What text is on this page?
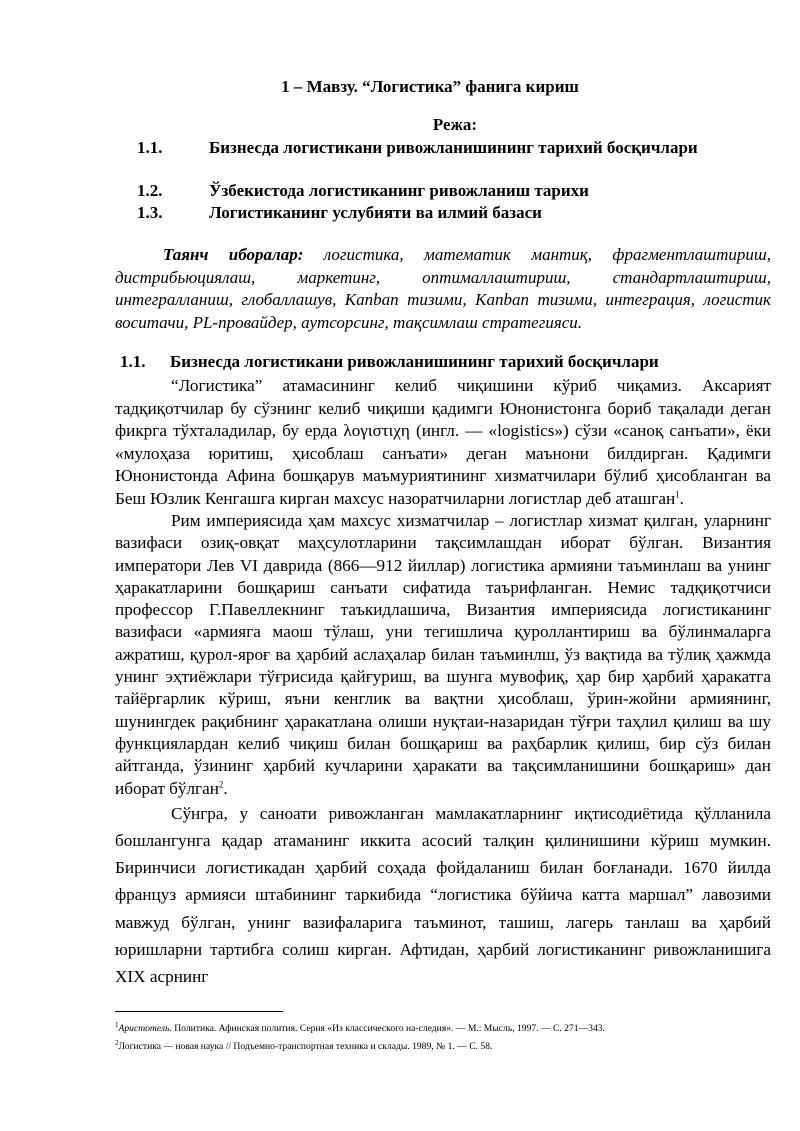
1 – Мавзу. “Логистика” фанига кириш
Режа:
1.1.	Бизнесда логистикани ривожланишининг тарихий босқичлари
1.2.	Ўзбекистода логистиканинг ривожланиш тарихи
1.3.	Логистиканинг услубияти ва илмий базаси
Таянч иборалар: логистика, математик мантиқ, фрагментлаштириш, дистрибьюциялаш, маркетинг, оптималлаштириш, стандартлаштириш, интегралланиш, глобаллашув, Kanban тизими, Kanban тизими, интеграция, логистик воситачи, PL-провайдер, аутсорсинг, тақсимлаш стратегияси.
1.1. Бизнесда логистикани ривожланишининг тарихий босқичлари

“Логистика” атамасининг келиб чиқишини кўриб чиқамиз. Аксарият тадқиқотчилар бу сўзнинг келиб чиқиши қадимги Юнонистонга бориб тақалади деган фикрга тўхталадилар, бу ерда λογιστιχη (ингл. — «logistics») сўзи «саноқ санъати», ёки «мулоҳаза юритиш, ҳисоблаш санъати» деган маънони билдирган. Қадимги Юнонистонда Афина бошқарув маъмуриятининг хизматчилари бўлиб ҳисобланган ва Беш Юзлик Кенгашга кирган махсус назоратчиларни логистлар деб аташган$^1$.

Рим империясида ҳам махсус хизматчилар – логистлар хизмат қилган, уларнинг вазифаси озиқ-овқат маҳсулотларини тақсимлашдан иборат бўлган. Византия императори Лев VI даврида (866—912 йиллар) логистика армияни таъминлаш ва унинг ҳаракатларини бошқариш санъати сифатида таърифланган. Немис тадқиқотчиси профессор Г.Павеллекнинг таъкидлашича, Византия империясида логистиканинг вазифаси «армияга маош тўлаш, уни тегишлича қуроллантириш ва бўлинмаларга ажратиш, қурол-яроғ ва ҳарбий аслаҳалар билан таъминлш, ўз вақтида ва тўлиқ ҳажмда унинг эҳтиёжлари тўғрисида қайғуриш, ва шунга мувофиқ, ҳар бир ҳарбий ҳаракатга тайёргарлик кўриш, яъни кенглик ва вақтни ҳисоблаш, ўрин-жойни армиянинг, шунингдек рақибнинг ҳаракатлана олиши нуқтаи-назаридан тўғри таҳлил қилиш ва шу функциялардан келиб чиқиш билан бошқариш ва раҳбарлик қилиш, бир сўз билан айтганда, ўзининг ҳарбий кучларини ҳаракати ва тақсимланишини бошқариш» дан иборат бўлган$^2$.

Сўнгра, у саноати ривожланган мамлакатларнинг иқтисодиётида қўлланила бошлангунга қадар атаманинг иккита асосий талқин қилинишини кўриш мумкин. Биринчиси логистикадан ҳарбий соҳада фойдаланиш билан боғланади. 1670 йилда француз армияси штабининг таркибида “логистика бўйича катта маршал” лавозими мавжуд бўлган, унинг вазифаларига таъминот, ташиш, лагерь танлаш ва ҳарбий юришларни тартибга солиш кирган. Афтидан, ҳарбий логистиканинг ривожланишига XIX асрнинг

$^1$Аристотель. Политика. Афинская полития. Серия «Из классического на-следия». — М.: Мысль, 1997. — С. 271—343.
$^2$Логистика — новая наука // Подъемно-транспортная техника и склады. 1989, № 1. — С. 58.
